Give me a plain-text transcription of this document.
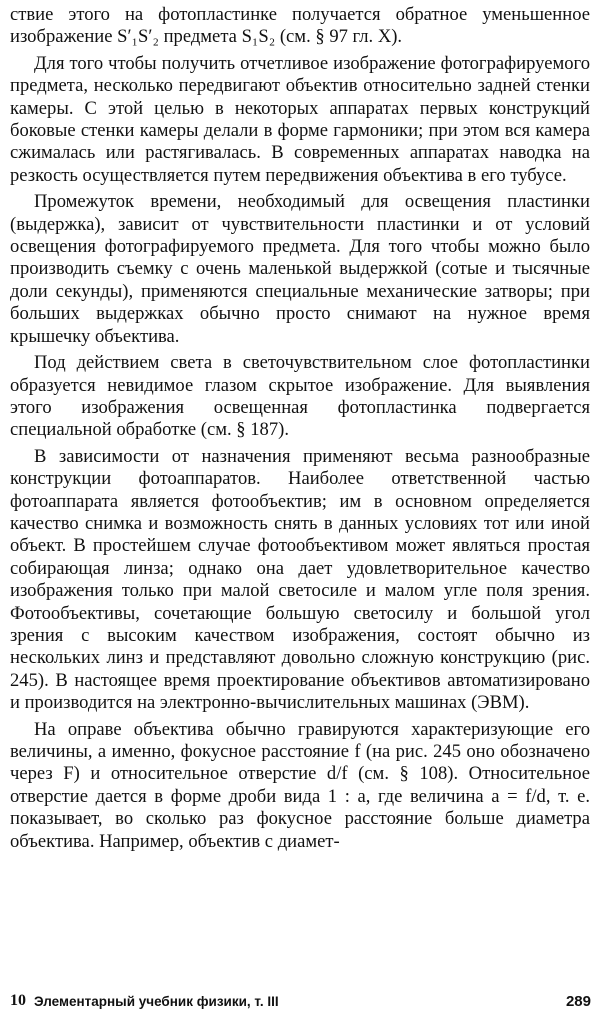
ствие этого на фотопластинке получается обратное уменьшенное изображение S′₁S′₂ предмета S₁S₂ (см. § 97 гл. X).

Для того чтобы получить отчетливое изображение фотографируемого предмета, несколько передвигают объектив относительно задней стенки камеры. С этой целью в некоторых аппаратах первых конструкций боковые стенки камеры делали в форме гармоники; при этом вся камера сжималась или растягивалась. В современных аппаратах наводка на резкость осуществляется путем передвижения объектива в его тубусе.

Промежуток времени, необходимый для освещения пластинки (выдержка), зависит от чувствительности пластинки и от условий освещения фотографируемого предмета. Для того чтобы можно было производить съемку с очень маленькой выдержкой (сотые и тысячные доли секунды), применяются специальные механические затворы; при больших выдержках обычно просто снимают на нужное время крышечку объектива.

Под действием света в светочувствительном слое фотопластинки образуется невидимое глазом скрытое изображение. Для выявления этого изображения освещенная фотопластинка подвергается специальной обработке (см. § 187).

В зависимости от назначения применяют весьма разнообразные конструкции фотоаппаратов. Наиболее ответственной частью фотоаппарата является фотообъектив; им в основном определяется качество снимка и возможность снять в данных условиях тот или иной объект. В простейшем случае фотообъективом может являться простая собирающая линза; однако она дает удовлетворительное качество изображения только при малой светосиле и малом угле поля зрения. Фотообъективы, сочетающие большую светосилу и большой угол зрения с высоким качеством изображения, состоят обычно из нескольких линз и представляют довольно сложную конструкцию (рис. 245). В настоящее время проектирование объективов автоматизировано и производится на электронно-вычислительных машинах (ЭВМ).

На оправе объектива обычно гравируются характеризующие его величины, а именно, фокусное расстояние f (на рис. 245 оно обозначено через F) и относительное отверстие d/f (см. § 108). Относительное отверстие дается в форме дроби вида 1 : a, где величина a = f/d, т. е. показывает, во сколько раз фокусное расстояние больше диаметра объектива. Например, объектив с диамет-

10 Элементарный учебник физики, т. III	289
